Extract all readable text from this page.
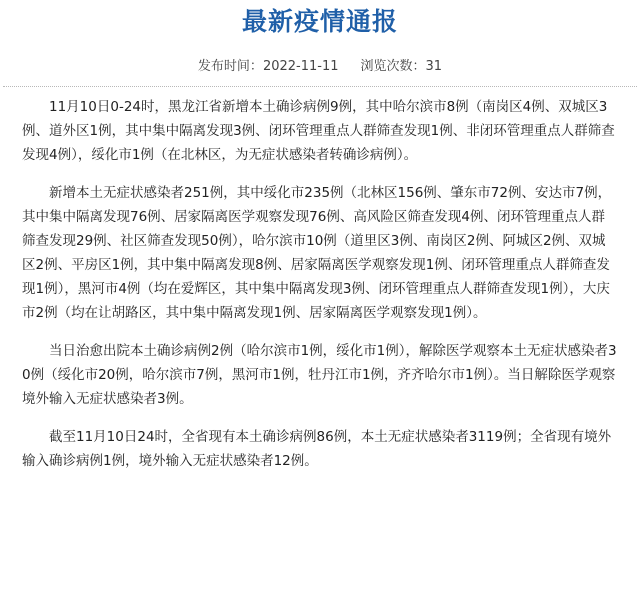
最新疫情通报
发布时间：2022-11-11 浏览次数：31

11月10日0-24时，黑龙江省新增本土确诊病例9例，其中哈尔滨市8例（南岗区4例、双城区3例、道外区1例，其中集中隔离发现3例、闭环管理重点人群筛查发现1例、非闭环管理重点人群筛查发现4例），绥化市1例（在北林区，为无症状感染者转确诊病例）。

新增本土无症状感染者251例，其中绥化市235例（北林区156例、肇东市72例、安达市7例，其中集中隔离发现76例、居家隔离医学观察发现76例、高风险区筛查发现4例、闭环管理重点人群筛查发现29例、社区筛查发现50例），哈尔滨市10例（道里区3例、南岗区2例、阿城区2例、双城区2例、平房区1例，其中集中隔离发现8例、居家隔离医学观察发现1例、闭环管理重点人群筛查发现1例），黑河市4例（均在爱辉区，其中集中隔离发现3例、闭环管理重点人群筛查发现1例），大庆市2例（均在让胡路区，其中集中隔离发现1例、居家隔离医学观察发现1例）。

当日治愈出院本土确诊病例2例（哈尔滨市1例，绥化市1例），解除医学观察本土无症状感染者30例（绥化市20例，哈尔滨市7例，黑河市1例，牡丹江市1例，齐齐哈尔市1例）。当日解除医学观察境外输入无症状感染者3例。

截至11月10日24时，全省现有本土确诊病例86例，本土无症状感染者3119例；全省现有境外输入确诊病例1例，境外输入无症状感染者12例。
